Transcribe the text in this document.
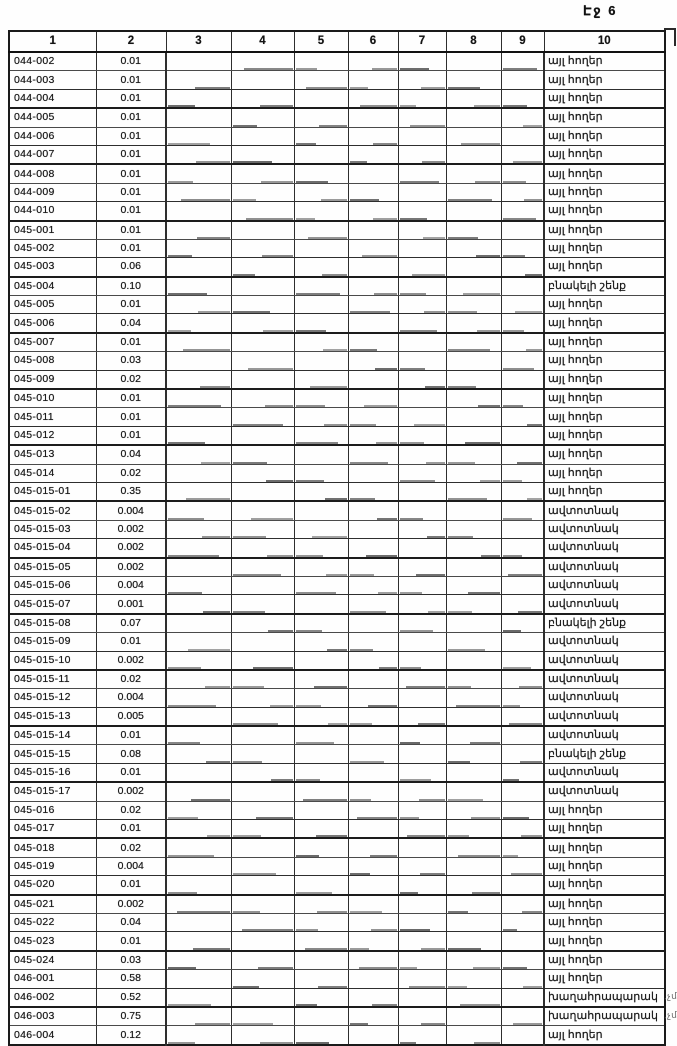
Էջ 6
1	2	3	4	5	6	7	8	9	10
044-002	0.01								այլ հողեր
044-003	0.01								այլ հողեր
044-004	0.01								այլ հողեր
044-005	0.01								այլ հողեր
044-006	0.01								այլ հողեր
044-007	0.01								այլ հողեր
044-008	0.01								այլ հողեր
044-009	0.01								այլ հողեր
044-010	0.01								այլ հողեր
045-001	0.01								այլ հողեր
045-002	0.01								այլ հողեր
045-003	0.06								այլ հողեր
045-004	0.10								բնակելի շենք
045-005	0.01								այլ հողեր
045-006	0.04								այլ հողեր
045-007	0.01								այլ հողեր
045-008	0.03								այլ հողեր
045-009	0.02								այլ հողեր
045-010	0.01								այլ հողեր
045-011	0.01								այլ հողեր
045-012	0.01								այլ հողեր
045-013	0.04								այլ հողեր
045-014	0.02								այլ հողեր
045-015-01	0.35								այլ հողեր
045-015-02	0.004								ավտոտնակ
045-015-03	0.002								ավտոտնակ
045-015-04	0.002								ավտոտնակ
045-015-05	0.002								ավտոտնակ
045-015-06	0.004								ավտոտնակ
045-015-07	0.001								ավտոտնակ
045-015-08	0.07								բնակելի շենք
045-015-09	0.01								ավտոտնակ
045-015-10	0.002								ավտոտնակ
045-015-11	0.02								ավտոտնակ
045-015-12	0.004								ավտոտնակ
045-015-13	0.005								ավտոտնակ
045-015-14	0.01								ավտոտնակ
045-015-15	0.08								բնակելի շենք
045-015-16	0.01								ավտոտնակ
045-015-17	0.002								ավտոտնակ
045-016	0.02								այլ հողեր
045-017	0.01								այլ հողեր
045-018	0.02								այլ հողեր
045-019	0.004								այլ հողեր
045-020	0.01								այլ հողեր
045-021	0.002								այլ հողեր
045-022	0.04								այլ հողեր
045-023	0.01								այլ հողեր
045-024	0.03								այլ հողեր
046-001	0.58								այլ հողեր
046-002	0.52								խաղահրապարակ
046-003	0.75								խաղահրապարակ
046-004	0.12								այլ հողեր
.չմ
.չմ
